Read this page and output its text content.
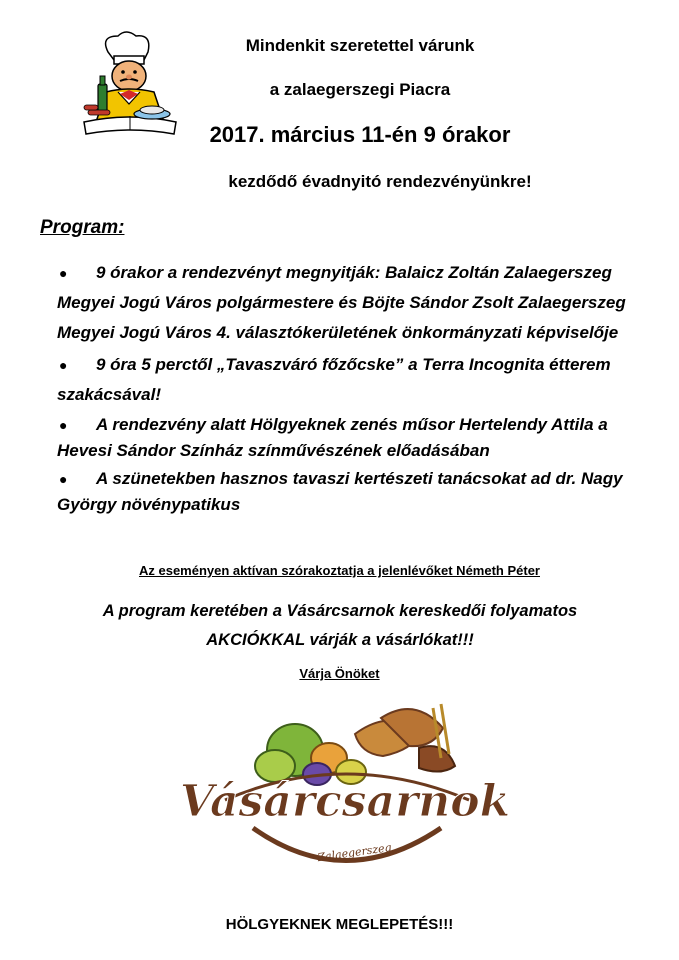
Mindenkit szeretettel várunk
a zalaegerszegi Piacra
2017. március 11-én 9 órakor
kezdődő évadnyitó rendezvényünkre!
Program:
●	9 órakor a rendezvényt megnyitják: Balaicz Zoltán Zalaegerszeg Megyei Jogú Város polgármestere és Böjte Sándor Zsolt Zalaegerszeg Megyei Jogú Város 4. választókerületének önkormányzati képviselője
●	9 óra 5 perctől „Tavaszváró főzőcske” a Terra Incognita étterem szakácsával!
●	A rendezvény alatt Hölgyeknek zenés műsor Hertelendy Attila a Hevesi Sándor Színház színművészének előadásában
●	A szünetekben hasznos tavaszi kertészeti tanácsokat ad dr. Nagy György növénypatikus
Az eseményen aktívan szórakoztatja a jelenlévőket Németh Péter
A program keretében a Vásárcsarnok kereskedői folyamatos
AKCIÓKKAL várják a vásárlókat!!!
Várja Önöket
Vásárcsarnok
Zalaegerszeg
HÖLGYEKNEK MEGLEPETÉS!!!
